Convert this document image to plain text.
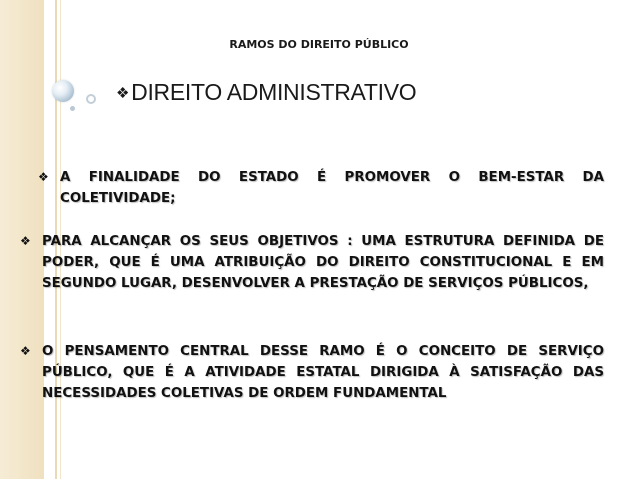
RAMOS DO DIREITO PÚBLICO
❖DIREITO ADMINISTRATIVO
❖ A FINALIDADE DO ESTADO É PROMOVER O BEM-ESTAR DA COLETIVIDADE;
❖ PARA ALCANÇAR OS SEUS OBJETIVOS : UMA ESTRUTURA DEFINIDA DE PODER, QUE É UMA ATRIBUIÇÃO DO DIREITO CONSTITUCIONAL E EM SEGUNDO LUGAR, DESENVOLVER A PRESTAÇÃO DE SERVIÇOS PÚBLICOS,
❖ O PENSAMENTO CENTRAL DESSE RAMO É O CONCEITO DE SERVIÇO PÚBLICO, QUE É A ATIVIDADE ESTATAL DIRIGIDA À SATISFAÇÃO DAS NECESSIDADES COLETIVAS DE ORDEM FUNDAMENTAL
